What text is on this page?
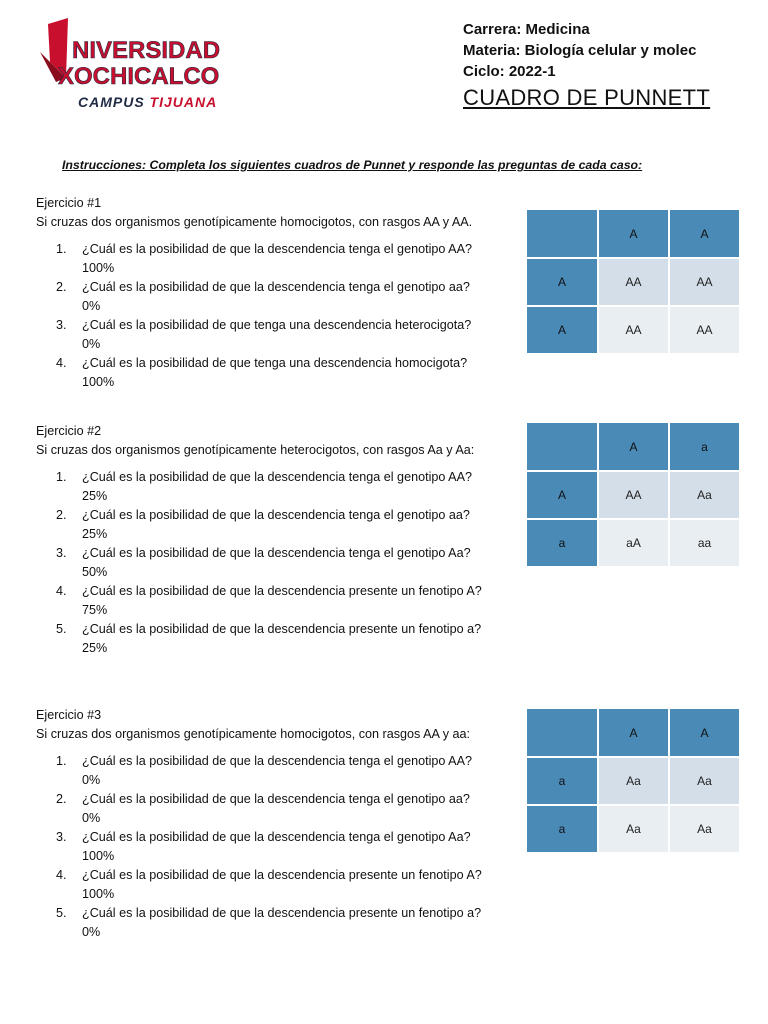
NIVERSIDAD
XOCHICALCO
CAMPUS TIJUANA
Carrera: Medicina
Materia: Biología celular y molec
Ciclo: 2022-1
CUADRO DE PUNNETT
Instrucciones: Completa los siguientes cuadros de Punnet y responde las preguntas de cada caso:
Ejercicio #1
Si cruzas dos organismos genotípicamente homocigotos, con rasgos AA y AA.
1. ¿Cuál es la posibilidad de que la descendencia tenga el genotipo AA?
100%
2. ¿Cuál es la posibilidad de que la descendencia tenga el genotipo aa?
0%
3. ¿Cuál es la posibilidad de que tenga una descendencia heterocigota?
0%
4. ¿Cuál es la posibilidad de que tenga una descendencia homocigota?
100%
	A	A
A	AA	AA
A	AA	AA
Ejercicio #2
Si cruzas dos organismos genotípicamente heterocigotos, con rasgos Aa y Aa:
1. ¿Cuál es la posibilidad de que la descendencia tenga el genotipo AA?
25%
2. ¿Cuál es la posibilidad de que la descendencia tenga el genotipo aa?
25%
3. ¿Cuál es la posibilidad de que la descendencia tenga el genotipo Aa?
50%
4. ¿Cuál es la posibilidad de que la descendencia presente un fenotipo A?
75%
5. ¿Cuál es la posibilidad de que la descendencia presente un fenotipo a?
25%
	A	a
A	AA	Aa
a	aA	aa
Ejercicio #3
Si cruzas dos organismos genotípicamente homocigotos, con rasgos AA y aa:
1. ¿Cuál es la posibilidad de que la descendencia tenga el genotipo AA?
0%
2. ¿Cuál es la posibilidad de que la descendencia tenga el genotipo aa?
0%
3. ¿Cuál es la posibilidad de que la descendencia tenga el genotipo Aa?
100%
4. ¿Cuál es la posibilidad de que la descendencia presente un fenotipo A?
100%
5. ¿Cuál es la posibilidad de que la descendencia presente un fenotipo a?
0%
	A	A
a	Aa	Aa
a	Aa	Aa
